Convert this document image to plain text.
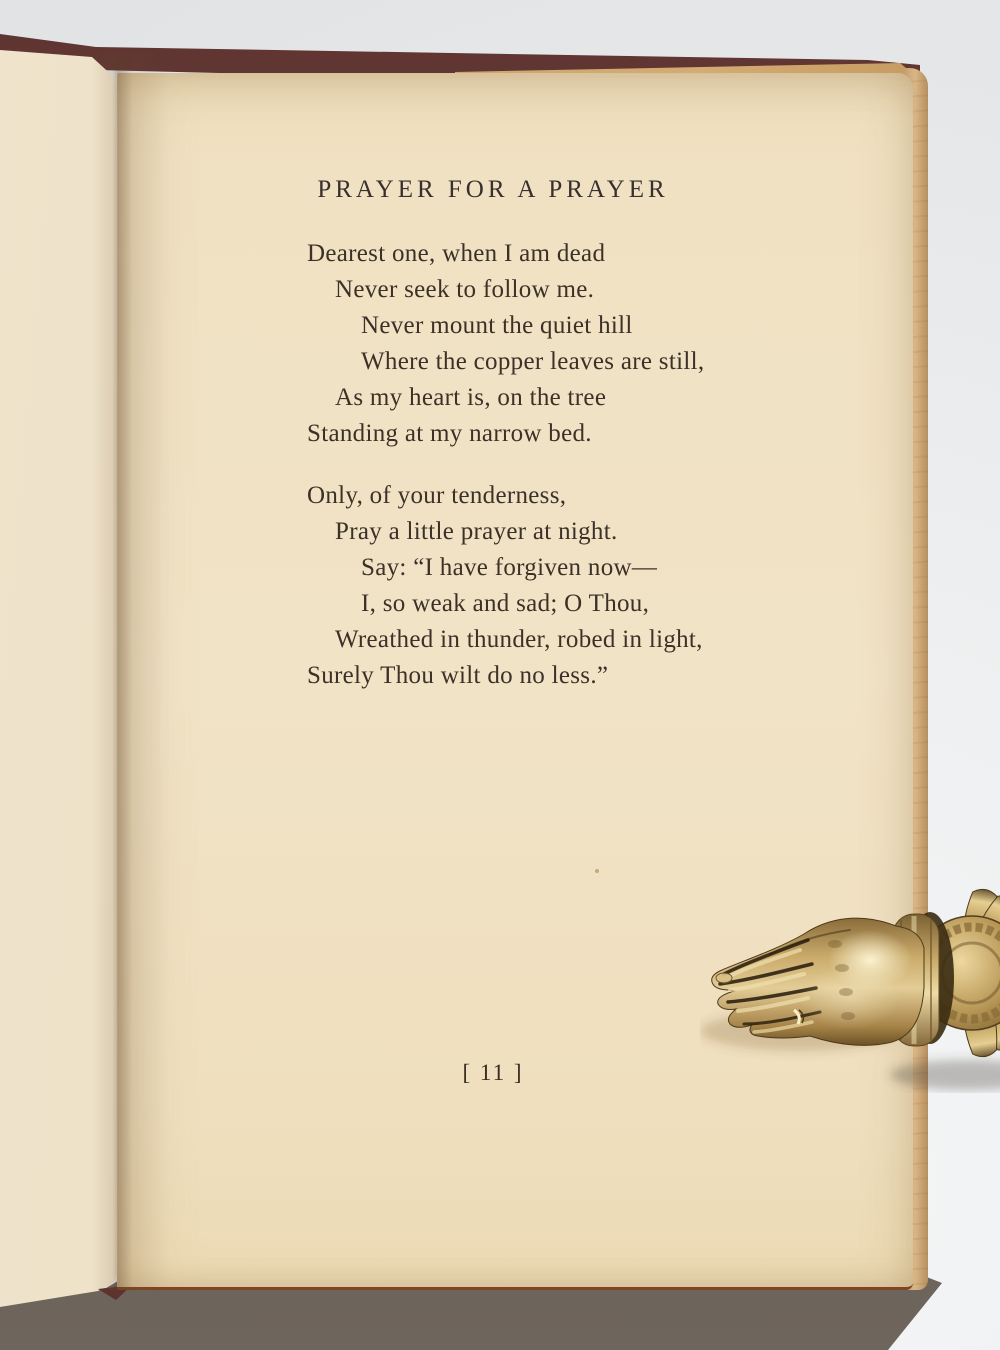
PRAYER FOR A PRAYER
Dearest one, when I am dead
Never seek to follow me.
Never mount the quiet hill
Where the copper leaves are still,
As my heart is, on the tree
Standing at my narrow bed.
Only, of your tenderness,
Pray a little prayer at night.
Say: “I have forgiven now—
I, so weak and sad; O Thou,
Wreathed in thunder, robed in light,
Surely Thou wilt do no less.”
[ 11 ]
